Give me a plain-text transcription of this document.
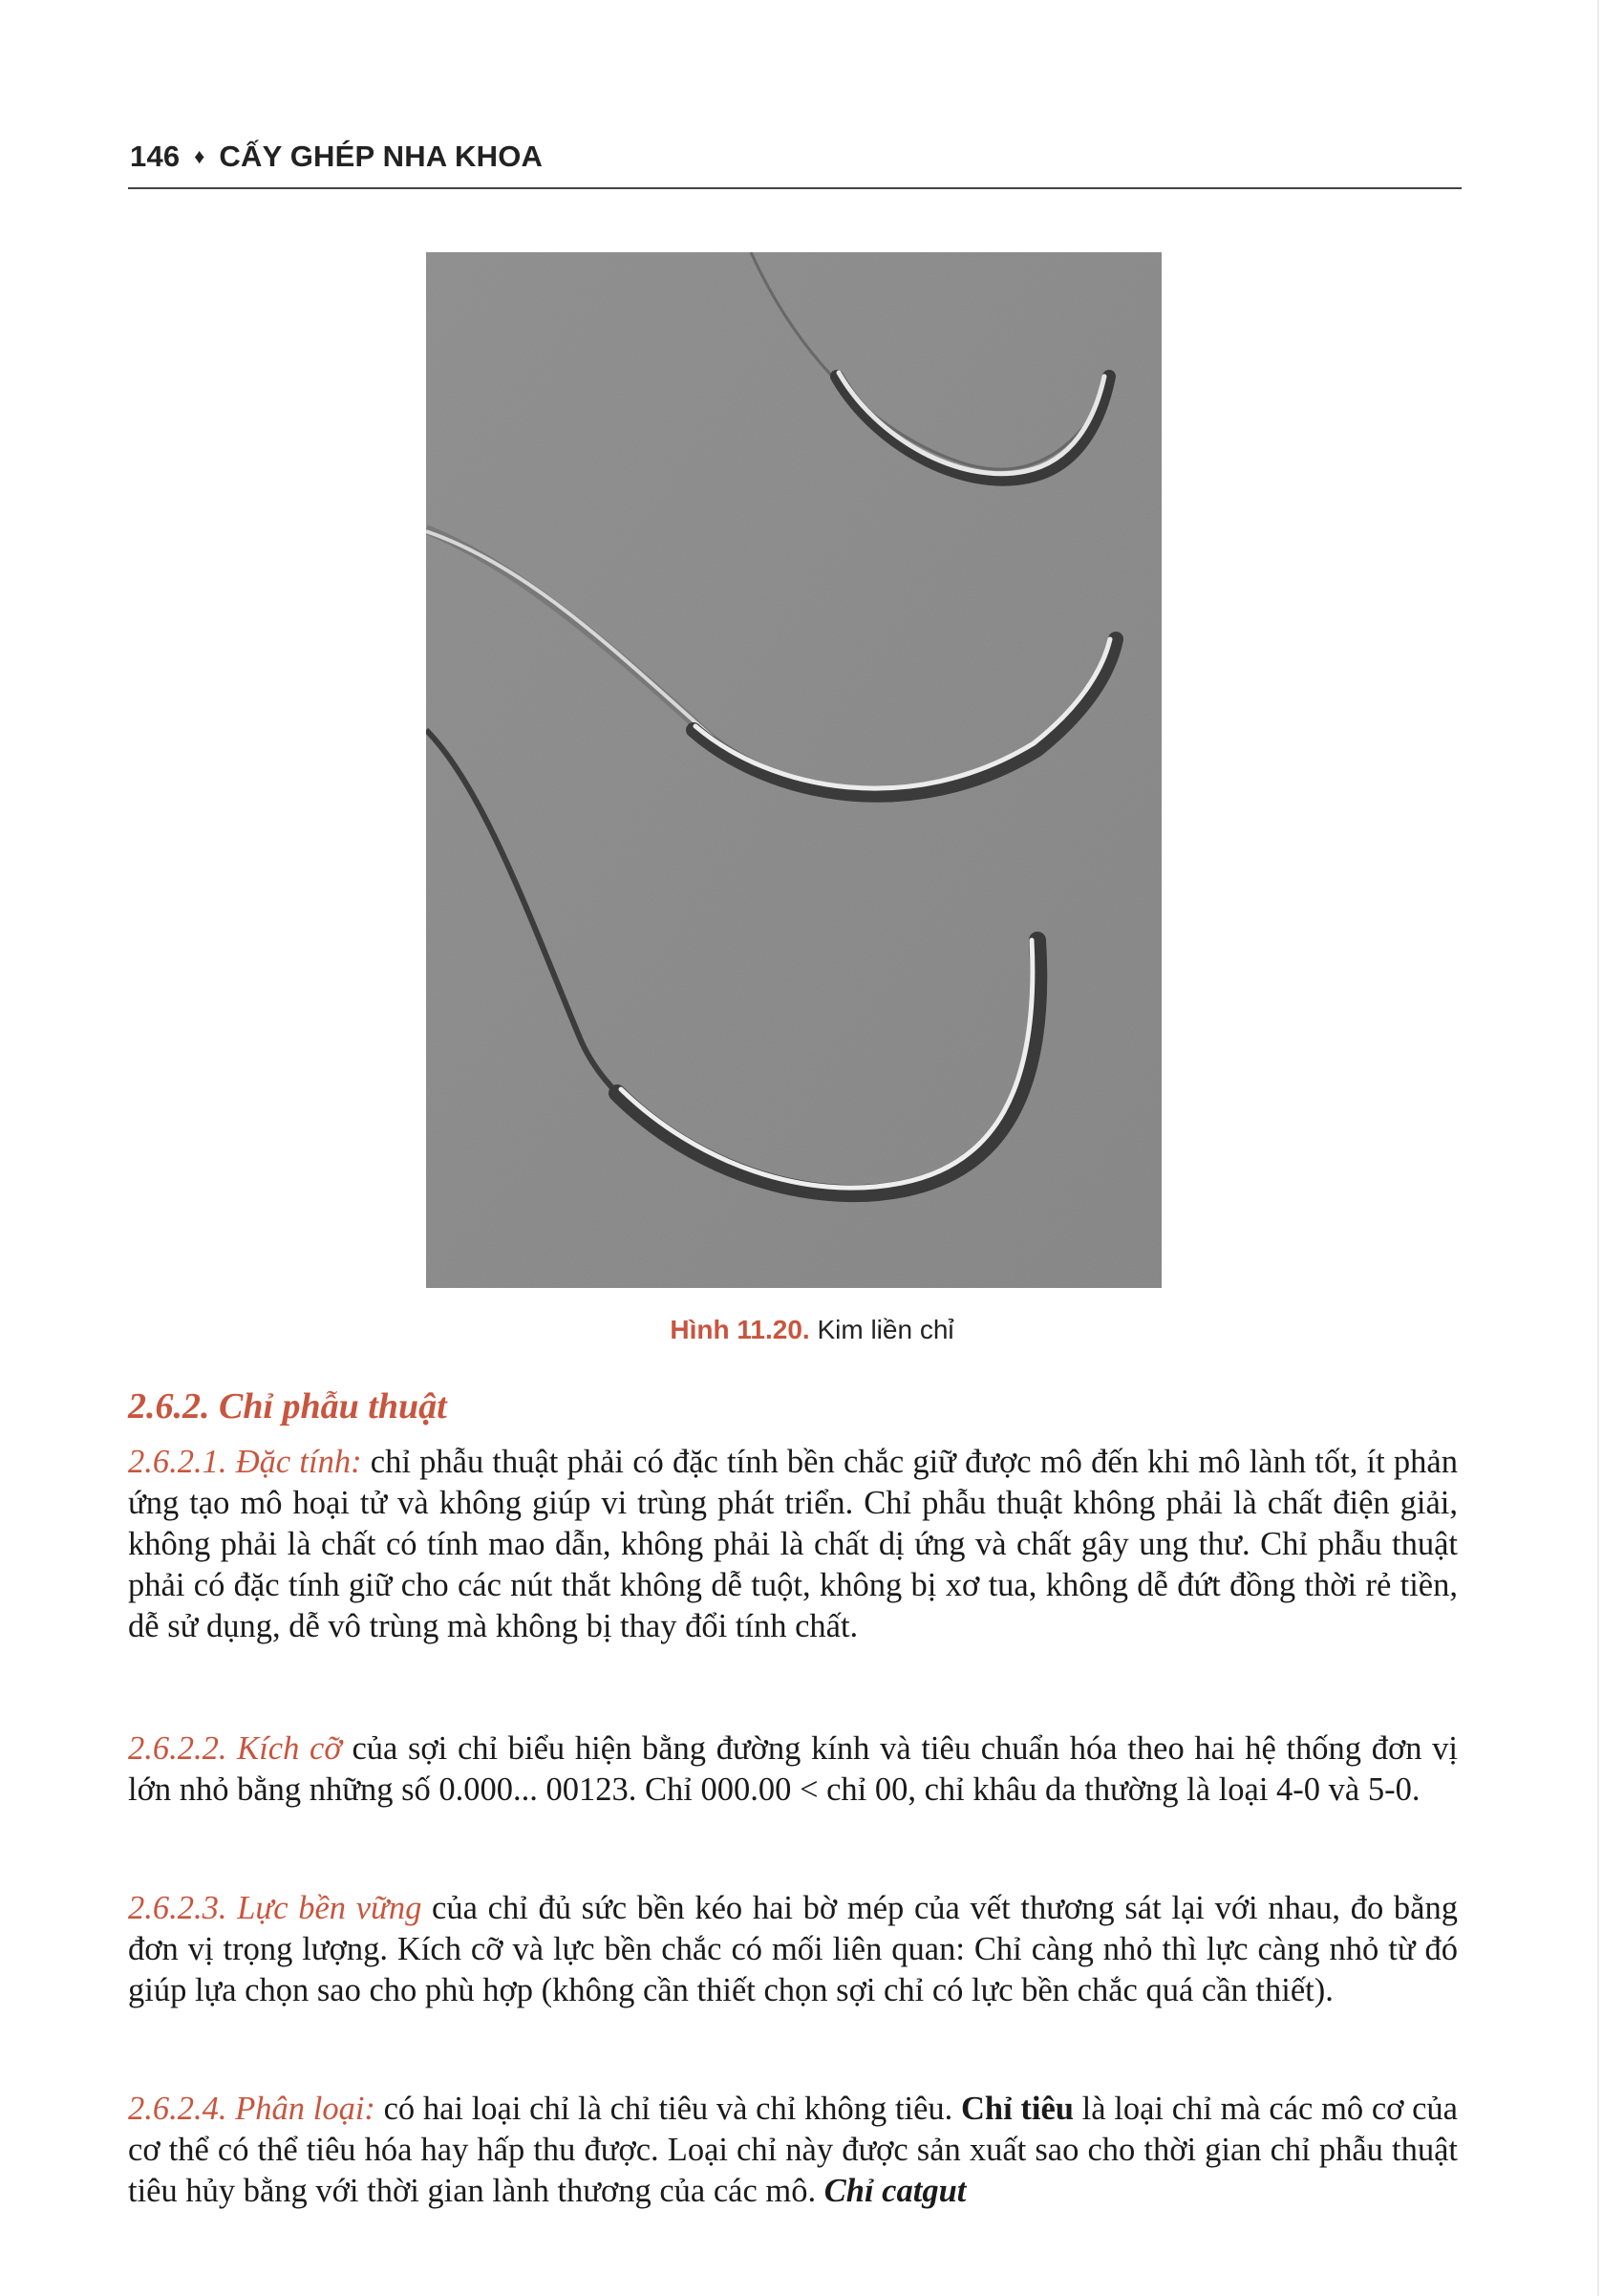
146 ♦ CẤY GHÉP NHA KHOA
Hình 11.20. Kim liền chỉ
2.6.2. Chỉ phẫu thuật

2.6.2.1. Đặc tính: chỉ phẫu thuật phải có đặc tính bền chắc giữ được mô đến khi mô lành tốt, ít phản ứng tạo mô hoại tử và không giúp vi trùng phát triển. Chỉ phẫu thuật không phải là chất điện giải, không phải là chất có tính mao dẫn, không phải là chất dị ứng và chất gây ung thư. Chỉ phẫu thuật phải có đặc tính giữ cho các nút thắt không dễ tuột, không bị xơ tua, không dễ đứt đồng thời rẻ tiền, dễ sử dụng, dễ vô trùng mà không bị thay đổi tính chất.

2.6.2.2. Kích cỡ của sợi chỉ biểu hiện bằng đường kính và tiêu chuẩn hóa theo hai hệ thống đơn vị lớn nhỏ bằng những số 0.000... 00123. Chỉ 000.00 < chỉ 00, chỉ khâu da thường là loại 4-0 và 5-0.

2.6.2.3. Lực bền vững của chỉ đủ sức bền kéo hai bờ mép của vết thương sát lại với nhau, đo bằng đơn vị trọng lượng. Kích cỡ và lực bền chắc có mối liên quan: Chỉ càng nhỏ thì lực càng nhỏ từ đó giúp lựa chọn sao cho phù hợp (không cần thiết chọn sợi chỉ có lực bền chắc quá cần thiết).

2.6.2.4. Phân loại: có hai loại chỉ là chỉ tiêu và chỉ không tiêu. Chỉ tiêu là loại chỉ mà các mô cơ của cơ thể có thể tiêu hóa hay hấp thu được. Loại chỉ này được sản xuất sao cho thời gian chỉ phẫu thuật tiêu hủy bằng với thời gian lành thương của các mô. Chỉ catgut
